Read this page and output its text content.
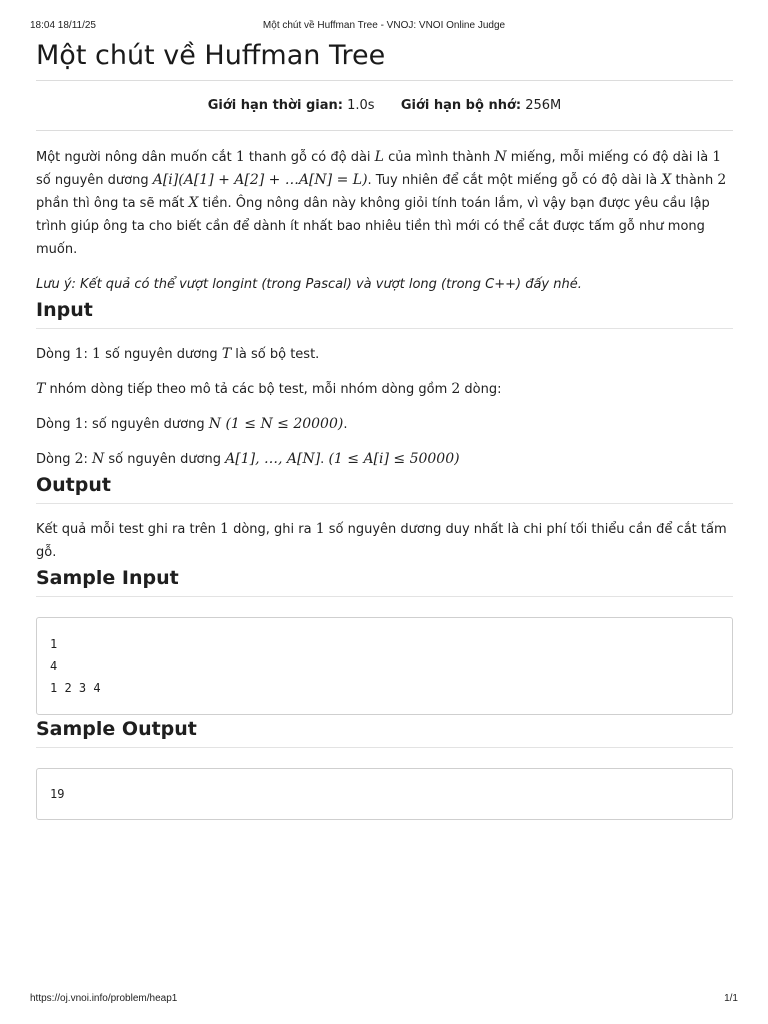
18:04 18/11/25	Một chút về Huffman Tree - VNOJ: VNOI Online Judge
Một chút về Huffman Tree
Giới hạn thời gian: 1.0s Giới hạn bộ nhớ: 256M

Một người nông dân muốn cắt 1 thanh gỗ có độ dài L của mình thành N miếng, mỗi miếng có độ dài là 1 số nguyên dương A[i](A[1] + A[2] + …A[N] = L). Tuy nhiên để cắt một miếng gỗ có độ dài là X thành 2 phần thì ông ta sẽ mất X tiền. Ông nông dân này không giỏi tính toán lắm, vì vậy bạn được yêu cầu lập trình giúp ông ta cho biết cần để dành ít nhất bao nhiêu tiền thì mới có thể cắt được tấm gỗ như mong muốn.

Lưu ý: Kết quả có thể vượt longint (trong Pascal) và vượt long (trong C++) đấy nhé.

Input

Dòng 1: 1 số nguyên dương T là số bộ test.

T nhóm dòng tiếp theo mô tả các bộ test, mỗi nhóm dòng gồm 2 dòng:

Dòng 1: số nguyên dương N (1 ≤ N ≤ 20000).

Dòng 2: N số nguyên dương A[1], …, A[N]. (1 ≤ A[i] ≤ 50000)

Output

Kết quả mỗi test ghi ra trên 1 dòng, ghi ra 1 số nguyên dương duy nhất là chi phí tối thiểu cần để cắt tấm gỗ.

Sample Input
1
4
1 2 3 4
Sample Output
19
https://oj.vnoi.info/problem/heap1	1/1
